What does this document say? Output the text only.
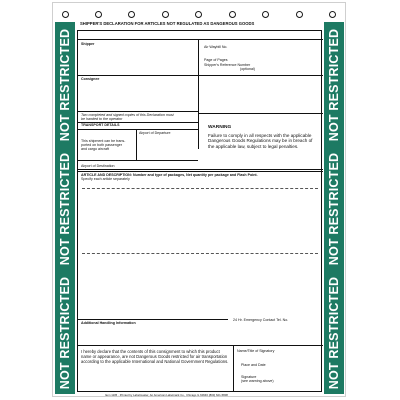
NOT RESTRICTED
NOT RESTRICTED
NOT RESTRICTED
NOT RESTRICTED
NOT RESTRICTED
NOT RESTRICTED
SHIPPER'S DECLARATION FOR ARTICLES NOT REGULATED AS DANGEROUS GOODS
Shipper
Air Waybill No.
Page of Pages
Shipper's Reference Number
(optional)
Consignee
Two completed and signed copies of this Declaration must
be handed to the operator
TRANSPORT DETAILS
Airport of Departure
This shipment can be trans-
ported on both passenger
and cargo aircraft
Airport of Destination
WARNING
Failure to comply in all respects with the applicable Dangerous Goods Regulations may be in breach of the applicable law, subject to legal penalties.
ARTICLE AND DESCRIPTION: Number and type of packages, Net quantity per package and Flash Point.
Specify each article separately
24 Hr. Emergency Contact Tel. No.
Additional Handling Information
I hereby declare that the contents of this consignment to which this product name or appearance, are not Dangerous Goods restricted for air transportation according to the applicable International and National Government Regulations.
Name/Title of Signatory
Place and Date
Signature
(see warning above)
Item 1105 · Printed by Labelmaster, An American Labelmark Co., Chicago IL 60646 (800) 621-5808
